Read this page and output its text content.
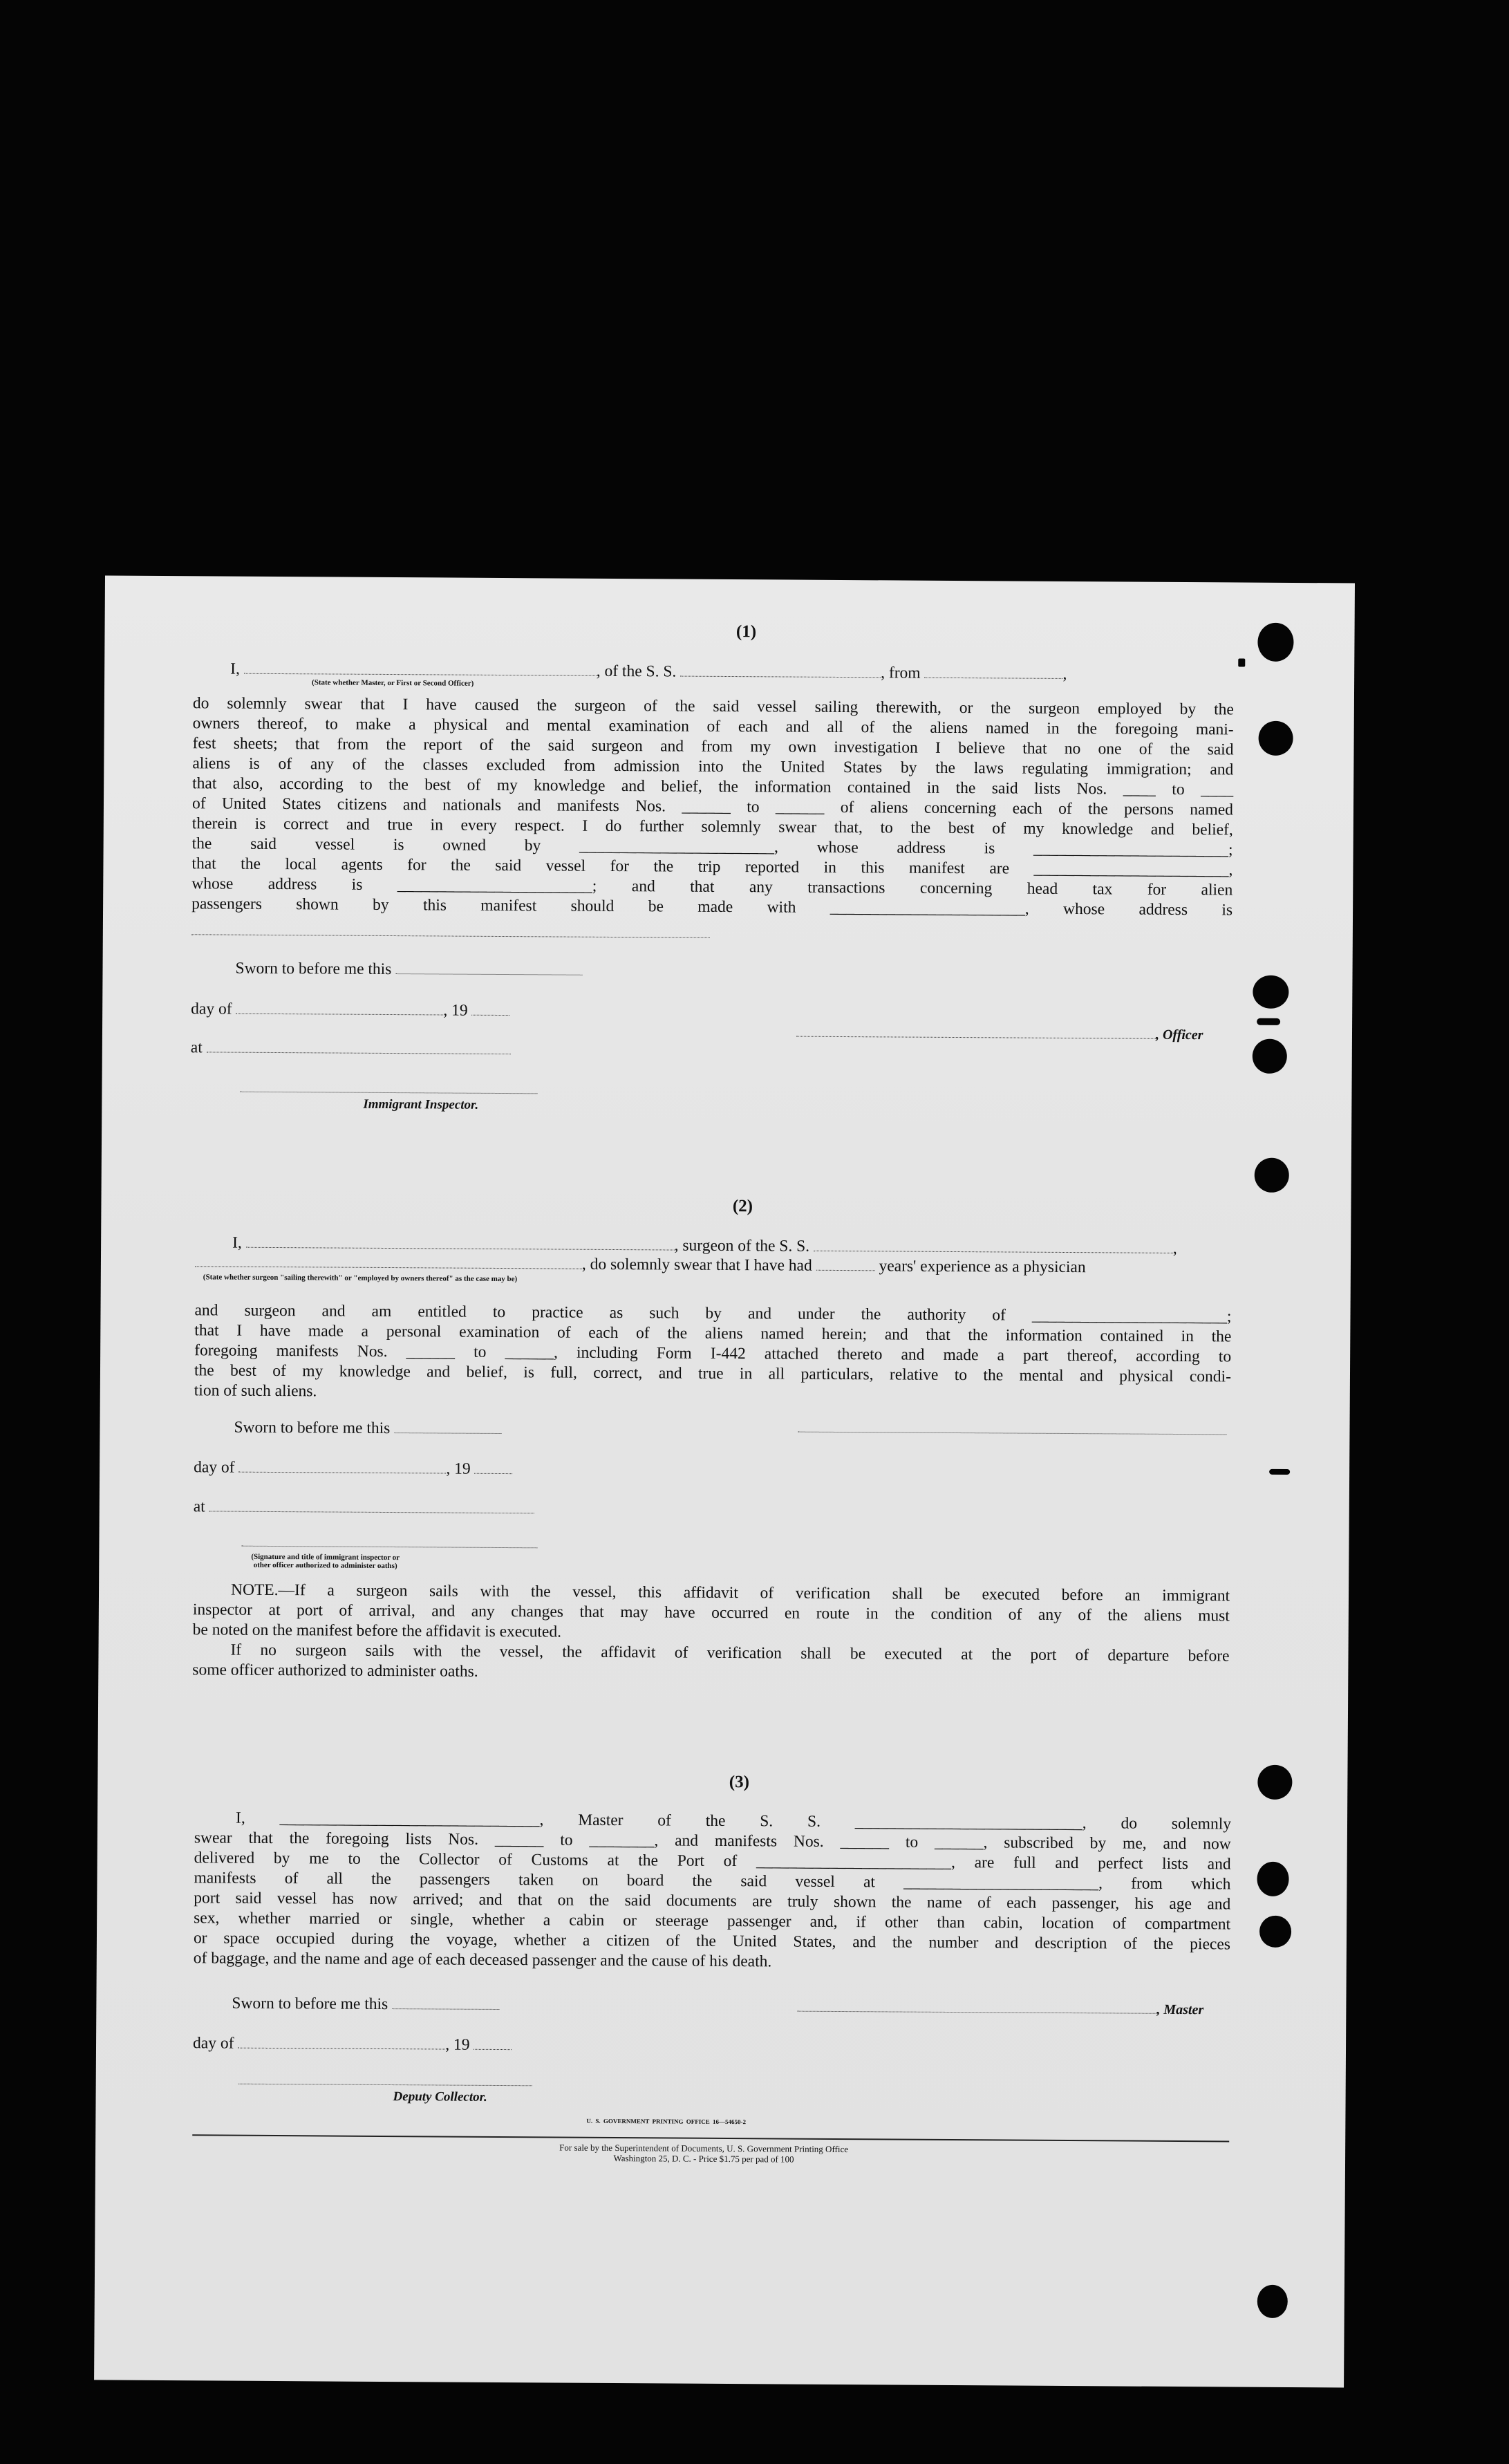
(1)
I,	, of the S. S.	, from	,
(State whether Master, or First or Second Officer)
do solemnly swear that I have caused the surgeon of the said vessel sailing therewith, or the surgeon employed by the
owners thereof, to make a physical and mental examination of each and all of the aliens named in the foregoing mani-
fest sheets; that from the report of the said surgeon and from my own investigation I believe that no one of the said
aliens is of any of the classes excluded from admission into the United States by the laws regulating immigration; and
that also, according to the best of my knowledge and belief, the information contained in the said lists Nos. ____ to ____
of United States citizens and nationals and manifests Nos. ______ to ______ of aliens concerning each of the persons named
therein is correct and true in every respect. I do further solemnly swear that, to the best of my knowledge and belief,
the said vessel is owned by ________________________, whose address is ________________________;
that the local agents for the said vessel for the trip reported in this manifest are ________________________,
whose address is ________________________; and that any transactions concerning head tax for alien
passengers shown by this manifest should be made with ________________________, whose address is
Sworn to before me this
day of	, 19
at
, Officer
Immigrant Inspector.
(2)
I,	, surgeon of the S. S.	,
, do solemnly swear that I have had	years' experience as a physician
(State whether surgeon "sailing therewith" or "employed by owners thereof" as the case may be)
and surgeon and am entitled to practice as such by and under the authority of ________________________;
that I have made a personal examination of each of the aliens named herein; and that the information contained in the
foregoing manifests Nos. ______ to ______, including Form I-442 attached thereto and made a part thereof, according to
the best of my knowledge and belief, is full, correct, and true in all particulars, relative to the mental and physical condi-
tion of such aliens.
Sworn to before me this
day of	, 19
at
(Signature and title of immigrant inspector or
other officer authorized to administer oaths)
NOTE.—If a surgeon sails with the vessel, this affidavit of verification shall be executed before an immigrant
inspector at port of arrival, and any changes that may have occurred en route in the condition of any of the aliens must
be noted on the manifest before the affidavit is executed.
If no surgeon sails with the vessel, the affidavit of verification shall be executed at the port of departure before
some officer authorized to administer oaths.
(3)
I, ________________________________, Master of the S. S. ____________________________, do solemnly
swear that the foregoing lists Nos. ______ to ________, and manifests Nos. ______ to ______, subscribed by me, and now
delivered by me to the Collector of Customs at the Port of ________________________, are full and perfect lists and
manifests of all the passengers taken on board the said vessel at ________________________, from which
port said vessel has now arrived; and that on the said documents are truly shown the name of each passenger, his age and
sex, whether married or single, whether a cabin or steerage passenger and, if other than cabin, location of compartment
or space occupied during the voyage, whether a citizen of the United States, and the number and description of the pieces
of baggage, and the name and age of each deceased passenger and the cause of his death.
Sworn to before me this	, Master
day of	, 19
Deputy Collector.
U. S. GOVERNMENT PRINTING OFFICE 16—54650-2
For sale by the Superintendent of Documents, U. S. Government Printing Office
Washington 25, D. C. - Price $1.75 per pad of 100
